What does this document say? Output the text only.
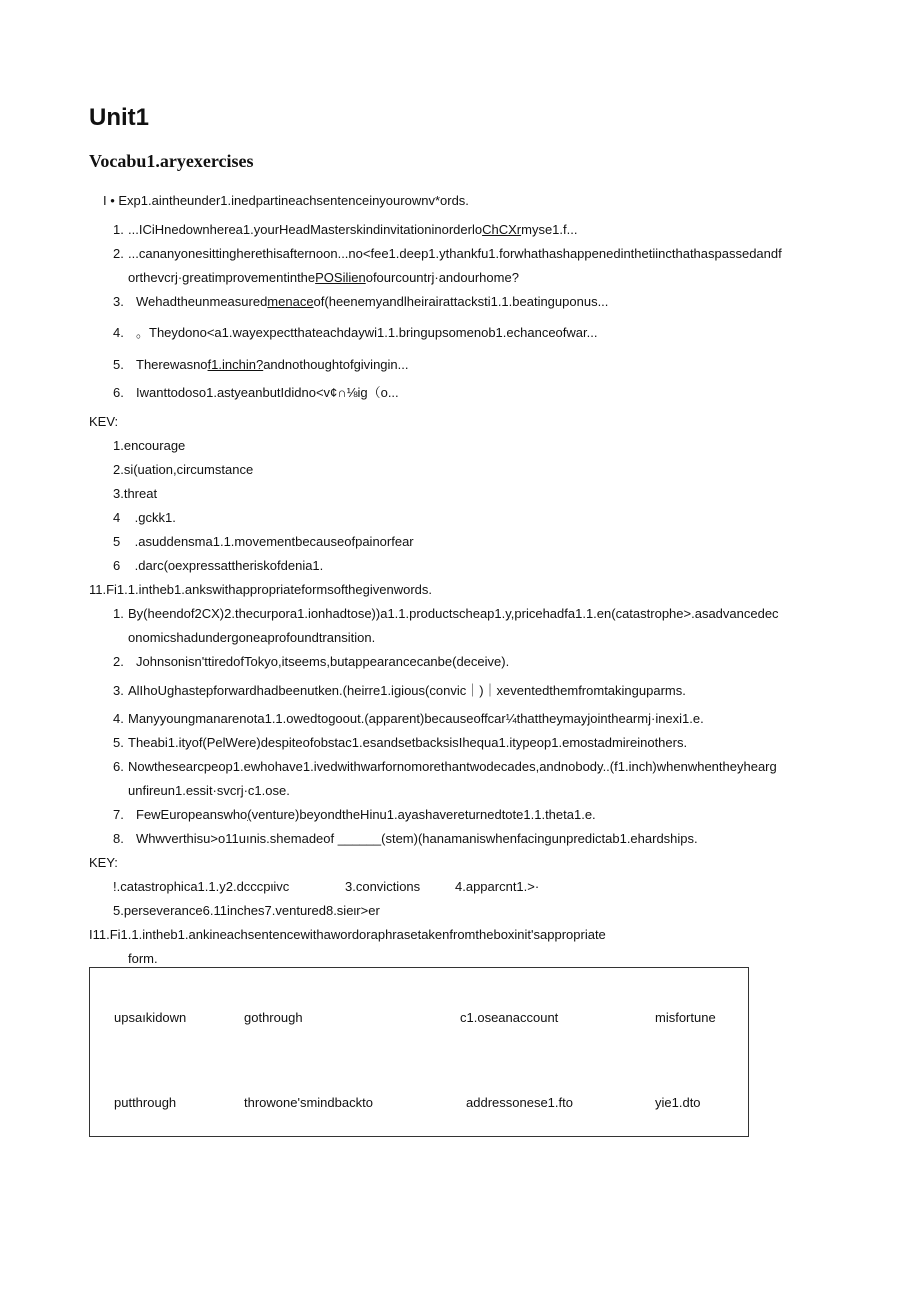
Unit1
Vocabu1.aryexercises
I • Exp1.aintheunder1.inedpartineachsentenceinyourownv*ords.
1. ...ICiHnedownherea1.yourHeadMasterskindinvitationinorderloChCXrmyse1.f...
2. ...cananyonesittingherethisafternoon...no<fee1.deep1.ythankfu1.forwhathashappenedinthetiincthathaspassedandf
orthevcrj·greatimprovementinthePOSilienofourcountrj·andourhome?
3. Wehadtheunmeasuredmenaceof(heenemyandlheirairattacksti1.1.beatinguponus...
4. 。Theydono<a1.wayexpectthateachdaywi1.1.bringupsomenob1.echanceofwar...
5. Therewasnof1.inchin?andnothoughtofgivingin...
6. Iwanttodoso1.astyeanbutIdidno<v¢∩⅛ig（o...
KEV:
1.encourage
2.si(uation,circumstance
3.threat
4    .gckk1.
5    .asuddensma1.1.movementbecauseofpainorfear
6    .darc(oexpressattheriskofdenia1.
11.Fi1.1.intheb1.ankswithappropriateformsofthegivenwords.
1. By(heendof2CX)2.thecurpora1.ionhadtose))a1.1.productscheap1.y,pricehadfa1.1.en(catastrophe>.asadvancedec
onomicshadundergoneaprofoundtransition.
2. Johnsonisn'ttiredofTokyo,itseems,butappearancecanbe(deceive).
3. AlIhoUghastepforwardhadbeenutken.(heirre1.igious(convic｜)｜xeventedthemfromtakinguparms.
4. Manyyoungmanarenota1.1.owedtogoout.(apparent)becauseoffcar¼thattheymayjointhearmj·inexi1.e.
5. Theabi1.ityof(PelWere)despiteofobstac1.esandsetbacksisIhequa1.itypeop1.emostadmireinothers.
6. Nowthesearcpeop1.ewhohave1.ivedwithwarfornomorethantwodecades,andnobody..(f1.inch)whenwhentheyhearg
unfireun1.essit·svcrj·c1.ose.
7. FewEuropeanswho(venture)beyondtheHinu1.ayashavereturnedtote1.1.theta1.e.
8. Whwverthisu>o11uınis.shemadeof ______(stem)(hanamaniswhenfacingunpredictab1.ehardships.
KEY:
!.catastrophica1.1.y2.dcccpιivc	3.convictions	4.apparcnt1.>·
5.perseverance6.11inches7.ventured8.sieιr>er
I11.Fi1.1.intheb1.ankineachsentencewithawordoraphrasetakenfromtheboxinit'sappropriate
form.
upsaıkidown	gothrough	c1.oseanaccount	misfortune
putthrough	throwone'smindbackto	addressonese1.fto	yie1.dto
